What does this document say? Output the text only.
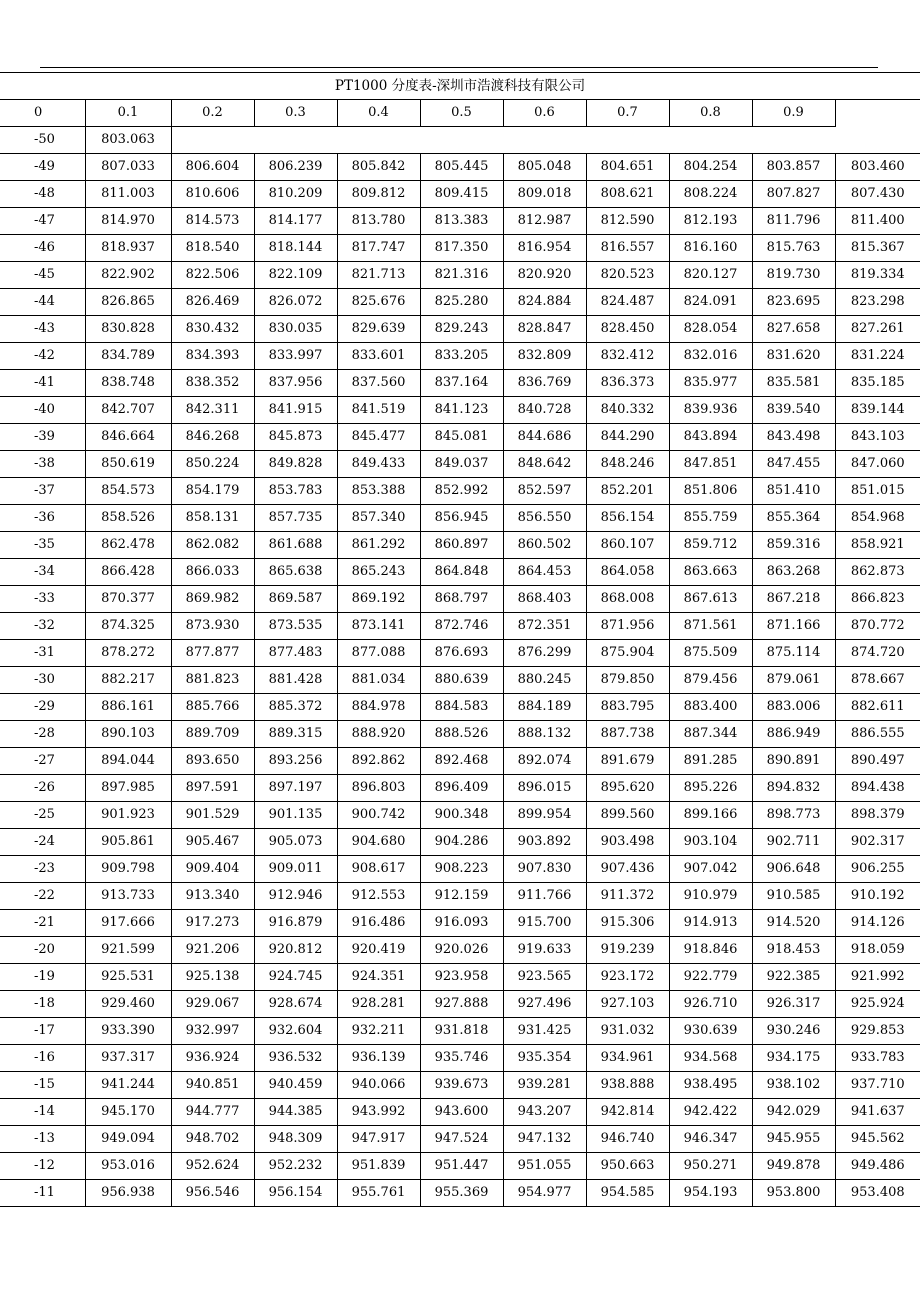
PT1000 分度表-深圳市浩渡科技有限公司										
0	0.1	0.2	0.3	0.4	0.5	0.6	0.7	0.8	0.9	
-50	803.063									
-49	807.033	806.604	806.239	805.842	805.445	805.048	804.651	804.254	803.857	803.460
-48	811.003	810.606	810.209	809.812	809.415	809.018	808.621	808.224	807.827	807.430
-47	814.970	814.573	814.177	813.780	813.383	812.987	812.590	812.193	811.796	811.400
-46	818.937	818.540	818.144	817.747	817.350	816.954	816.557	816.160	815.763	815.367
-45	822.902	822.506	822.109	821.713	821.316	820.920	820.523	820.127	819.730	819.334
-44	826.865	826.469	826.072	825.676	825.280	824.884	824.487	824.091	823.695	823.298
-43	830.828	830.432	830.035	829.639	829.243	828.847	828.450	828.054	827.658	827.261
-42	834.789	834.393	833.997	833.601	833.205	832.809	832.412	832.016	831.620	831.224
-41	838.748	838.352	837.956	837.560	837.164	836.769	836.373	835.977	835.581	835.185
-40	842.707	842.311	841.915	841.519	841.123	840.728	840.332	839.936	839.540	839.144
-39	846.664	846.268	845.873	845.477	845.081	844.686	844.290	843.894	843.498	843.103
-38	850.619	850.224	849.828	849.433	849.037	848.642	848.246	847.851	847.455	847.060
-37	854.573	854.179	853.783	853.388	852.992	852.597	852.201	851.806	851.410	851.015
-36	858.526	858.131	857.735	857.340	856.945	856.550	856.154	855.759	855.364	854.968
-35	862.478	862.082	861.688	861.292	860.897	860.502	860.107	859.712	859.316	858.921
-34	866.428	866.033	865.638	865.243	864.848	864.453	864.058	863.663	863.268	862.873
-33	870.377	869.982	869.587	869.192	868.797	868.403	868.008	867.613	867.218	866.823
-32	874.325	873.930	873.535	873.141	872.746	872.351	871.956	871.561	871.166	870.772
-31	878.272	877.877	877.483	877.088	876.693	876.299	875.904	875.509	875.114	874.720
-30	882.217	881.823	881.428	881.034	880.639	880.245	879.850	879.456	879.061	878.667
-29	886.161	885.766	885.372	884.978	884.583	884.189	883.795	883.400	883.006	882.611
-28	890.103	889.709	889.315	888.920	888.526	888.132	887.738	887.344	886.949	886.555
-27	894.044	893.650	893.256	892.862	892.468	892.074	891.679	891.285	890.891	890.497
-26	897.985	897.591	897.197	896.803	896.409	896.015	895.620	895.226	894.832	894.438
-25	901.923	901.529	901.135	900.742	900.348	899.954	899.560	899.166	898.773	898.379
-24	905.861	905.467	905.073	904.680	904.286	903.892	903.498	903.104	902.711	902.317
-23	909.798	909.404	909.011	908.617	908.223	907.830	907.436	907.042	906.648	906.255
-22	913.733	913.340	912.946	912.553	912.159	911.766	911.372	910.979	910.585	910.192
-21	917.666	917.273	916.879	916.486	916.093	915.700	915.306	914.913	914.520	914.126
-20	921.599	921.206	920.812	920.419	920.026	919.633	919.239	918.846	918.453	918.059
-19	925.531	925.138	924.745	924.351	923.958	923.565	923.172	922.779	922.385	921.992
-18	929.460	929.067	928.674	928.281	927.888	927.496	927.103	926.710	926.317	925.924
-17	933.390	932.997	932.604	932.211	931.818	931.425	931.032	930.639	930.246	929.853
-16	937.317	936.924	936.532	936.139	935.746	935.354	934.961	934.568	934.175	933.783
-15	941.244	940.851	940.459	940.066	939.673	939.281	938.888	938.495	938.102	937.710
-14	945.170	944.777	944.385	943.992	943.600	943.207	942.814	942.422	942.029	941.637
-13	949.094	948.702	948.309	947.917	947.524	947.132	946.740	946.347	945.955	945.562
-12	953.016	952.624	952.232	951.839	951.447	951.055	950.663	950.271	949.878	949.486
-11	956.938	956.546	956.154	955.761	955.369	954.977	954.585	954.193	953.800	953.408
